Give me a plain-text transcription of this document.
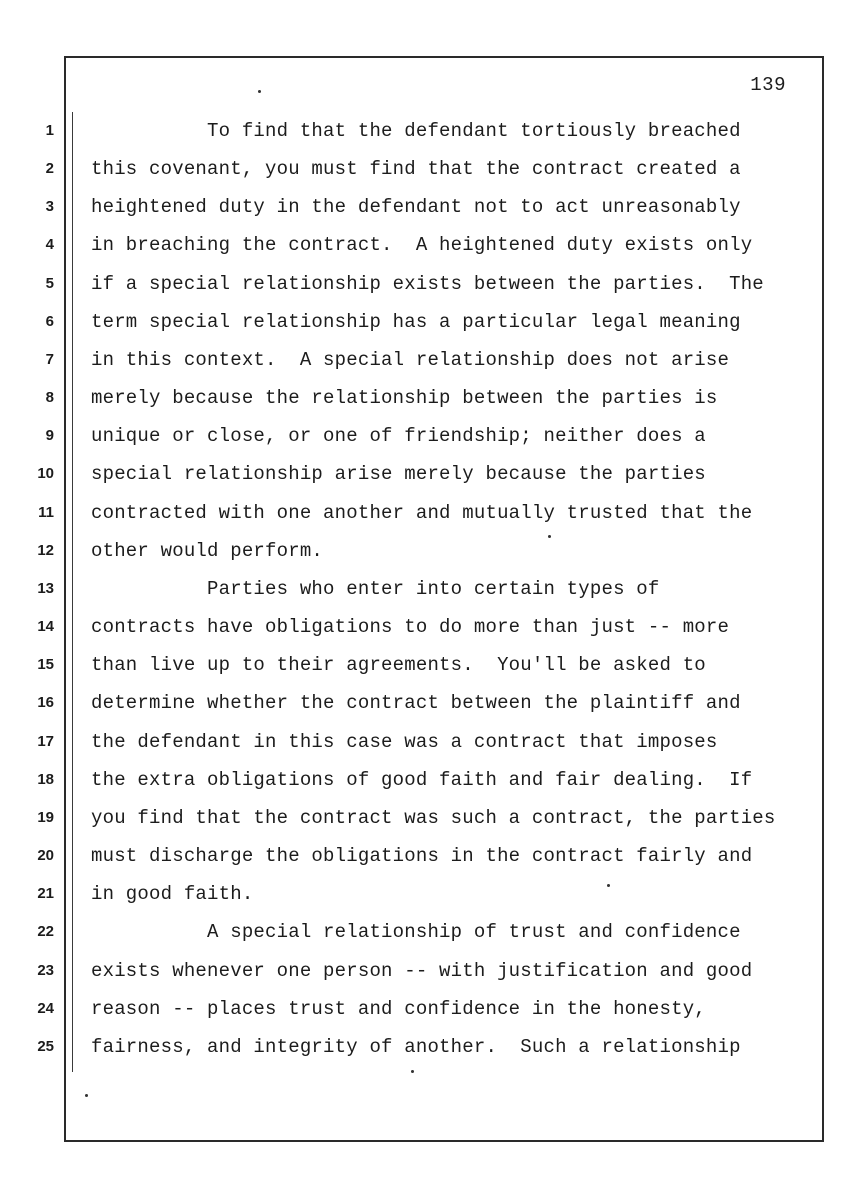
139
1 To find that the defendant tortiously breached
2 this covenant, you must find that the contract created a
3 heightened duty in the defendant not to act unreasonably
4 in breaching the contract.  A heightened duty exists only
5 if a special relationship exists between the parties.  The
6 term special relationship has a particular legal meaning
7 in this context.  A special relationship does not arise
8 merely because the relationship between the parties is
9 unique or close, or one of friendship; neither does a
10 special relationship arise merely because the parties
11 contracted with one another and mutually trusted that the
12 other would perform.
13 Parties who enter into certain types of
14 contracts have obligations to do more than just -- more
15 than live up to their agreements.  You'll be asked to
16 determine whether the contract between the plaintiff and
17 the defendant in this case was a contract that imposes
18 the extra obligations of good faith and fair dealing.  If
19 you find that the contract was such a contract, the parties
20 must discharge the obligations in the contract fairly and
21 in good faith.
22 A special relationship of trust and confidence
23 exists whenever one person -- with justification and good
24 reason -- places trust and confidence in the honesty,
25 fairness, and integrity of another.  Such a relationship
